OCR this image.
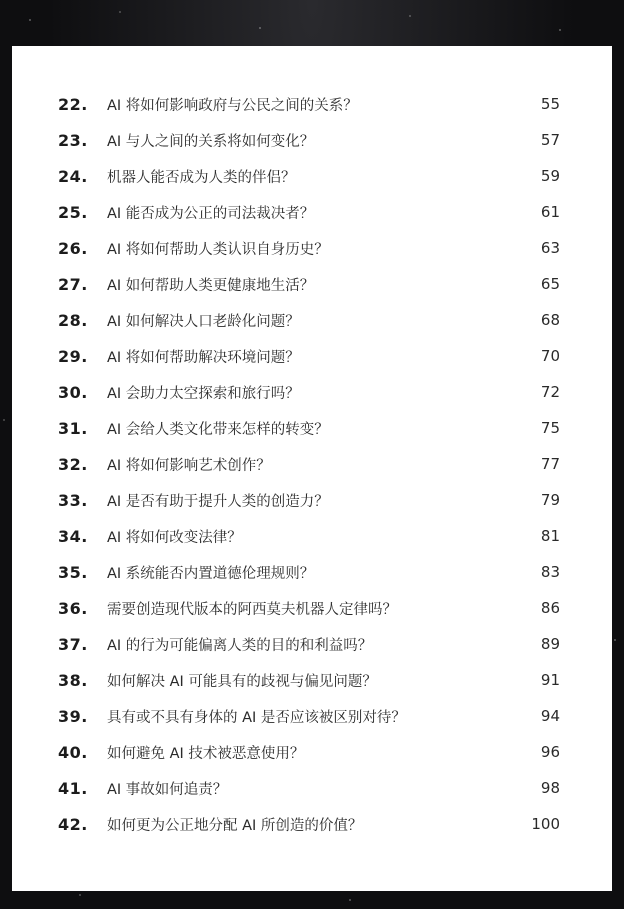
22.	AI 将如何影响政府与公民之间的关系？	55
23.	AI 与人之间的关系将如何变化？	57
24.	机器人能否成为人类的伴侣？	59
25.	AI 能否成为公正的司法裁决者？	61
26.	AI 将如何帮助人类认识自身历史？	63
27.	AI 如何帮助人类更健康地生活？	65
28.	AI 如何解决人口老龄化问题？	68
29.	AI 将如何帮助解决环境问题？	70
30.	AI 会助力太空探索和旅行吗？	72
31.	AI 会给人类文化带来怎样的转变？	75
32.	AI 将如何影响艺术创作？	77
33.	AI 是否有助于提升人类的创造力？	79
34.	AI 将如何改变法律？	81
35.	AI 系统能否内置道德伦理规则？	83
36.	需要创造现代版本的阿西莫夫机器人定律吗？	86
37.	AI 的行为可能偏离人类的目的和利益吗？	89
38.	如何解决 AI 可能具有的歧视与偏见问题？	91
39.	具有或不具有身体的 AI 是否应该被区别对待？	94
40.	如何避免 AI 技术被恶意使用？	96
41.	AI 事故如何追责？	98
42.	如何更为公正地分配 AI 所创造的价值？	100
